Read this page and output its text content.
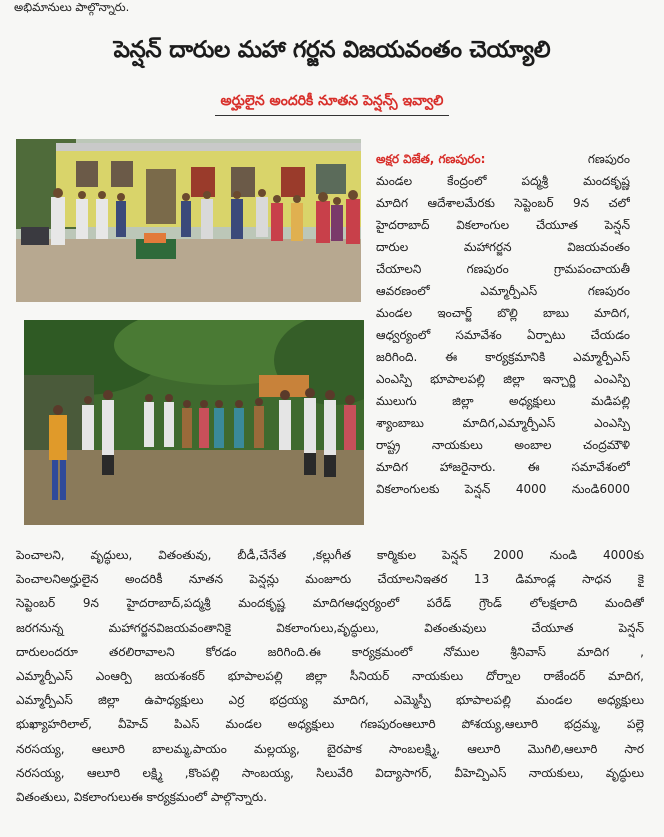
అభిమానులు పాల్గొన్నారు.
పెన్షన్ దారుల మహా గర్జన విజయవంతం చెయ్యాలి
అర్హులైన అందరికీ నూతన పెన్షన్స్ ఇవ్వాలి
అక్షర విజేత, గణపురం:	గణపురం
మండల కేంద్రంలో పద్మశ్రీ మందకృష్ణ
మాదిగ ఆదేశాలమేరకు సెప్టెంబర్ 9న చలో
హైదరాబాద్ వికలాంగుల చేయూత పెన్షన్
దారుల మహాగర్జన విజయవంతం
చేయాలని గణపురం గ్రామపంచాయతీ
ఆవరణంలో ఎమ్మార్పీఎస్ గణపురం
మండల ఇంచార్జ్ బొల్లి బాబు మాదిగ,
ఆధ్వర్యంలో సమావేశం ఏర్పాటు చేయడం
జరిగింది. ఈ కార్యక్రమానికి ఎమ్మార్పీఎస్
ఎంఎస్పి భూపాలపల్లి జిల్లా ఇన్చార్జి ఎంఎస్పి
ములుగు జిల్లా అధ్యక్షులు మడిపల్లి
శ్యాంబాబు మాదిగ,ఎమ్మార్పీఎస్ ఎంఎస్పి
రాష్ట్ర నాయకులు అంబాల చంద్రమౌళి
మాదిగ హాజరైనారు. ఈ సమావేశంలో
వికలాంగులకు పెన్షన్ 4000 నుండి6000
పెంచాలని, వృద్ధులు, వితంతువు, బీడీ,చేనేత ,కల్లుగీత కార్మికుల పెన్షన్ 2000 నుండి 4000కు
పెంచాలనిఅర్హులైన అందరికీ నూతన పెన్షన్లు మంజూరు చేయాలనిఇతర 13 డిమాండ్ల సాధన కై
సెప్టెంబర్ 9న హైదరాబాద్,పద్మశ్రీ మందకృష్ణ మాదిగఆధ్వర్యంలో పరేడ్ గ్రౌండ్ లోలక్షలాది మందితో
జరగనున్న మహాగర్జనవిజయవంతానికై వికలాంగులు,వృద్ధులు, వితంతువులు చేయూత పెన్షన్
దారులందరూ తరలిరావాలని కోరడం జరిగింది.ఈ కార్యక్రమంలో నోముల శ్రీనివాస్ మాదిగ ,
ఎమ్మార్పీఎస్ ఎంఆర్పి జయశంకర్ భూపాలపల్లి జిల్లా సీనియర్ నాయకులు దోర్నాల రాజేందర్ మాదిగ,
ఎమ్మార్పీఎస్ జిల్లా ఉపాధ్యక్షులు ఎర్ర భద్రయ్య మాదిగ, ఎమ్మెస్పీ భూపాలపల్లి మండల అధ్యక్షులు
భుఖ్యాహరిలాల్, వీహెచ్ పిఎస్ మండల అధ్యక్షులు గణపురంఆలూరి పోశయ్య,ఆలూరి భద్రమ్మ, పల్లె
నరసయ్య, ఆలూరి బాలమ్మ,పాయం మల్లయ్య, బైరపాక సాంబలక్ష్మి, ఆలూరి మొగిలి,ఆలూరి సార
నరసయ్య, ఆలూరి లక్ష్మి ,కొంపల్లి సాంబయ్య, సిలువేరి విద్యాసాగర్, వీహెచ్పిఎస్ నాయకులు, వృద్ధులు
వితంతులు, వికలాంగులుఈ కార్యక్రమంలో పాల్గొన్నారు.
